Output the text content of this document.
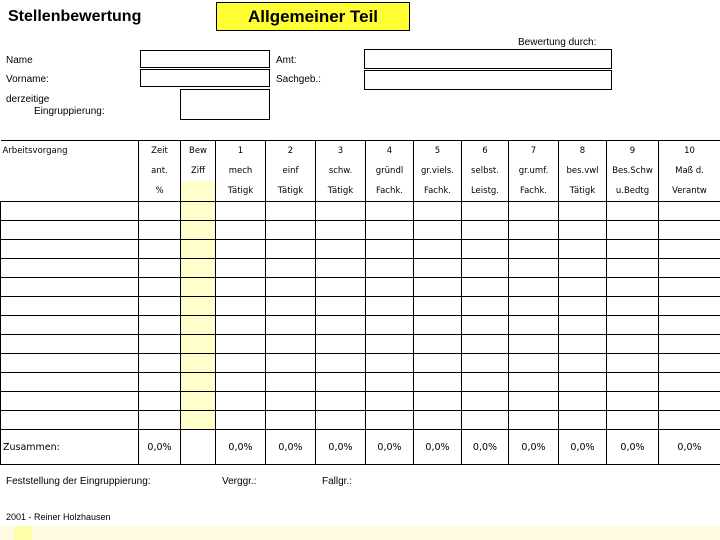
Stellenbewertung	Allgemeiner Teil
Bewertung durch:
Name	Amt:
Vorname:	Sachgeb.:
derzeitige
Eingruppierung:
Arbeitsvorgang	Zeit	Bew	1	2	3	4	5	6	7	8	9	10
	ant.	Ziff	mech	einf	schw.	gründl	gr.viels.	selbst.	gr.umf.	bes.vwl	Bes.Schw	Maß d.
	%		Tätigk	Tätigk	Tätigk	Fachk.	Fachk.	Leistg.	Fachk.	Tätigk	u.Bedtg	Verantw

Zusammen:	0,0%		0,0%	0,0%	0,0%	0,0%	0,0%	0,0%	0,0%	0,0%	0,0%	0,0%
Feststellung der Eingruppierung:	Verggr.:	Fallgr.:
2001 - Reiner Holzhausen
